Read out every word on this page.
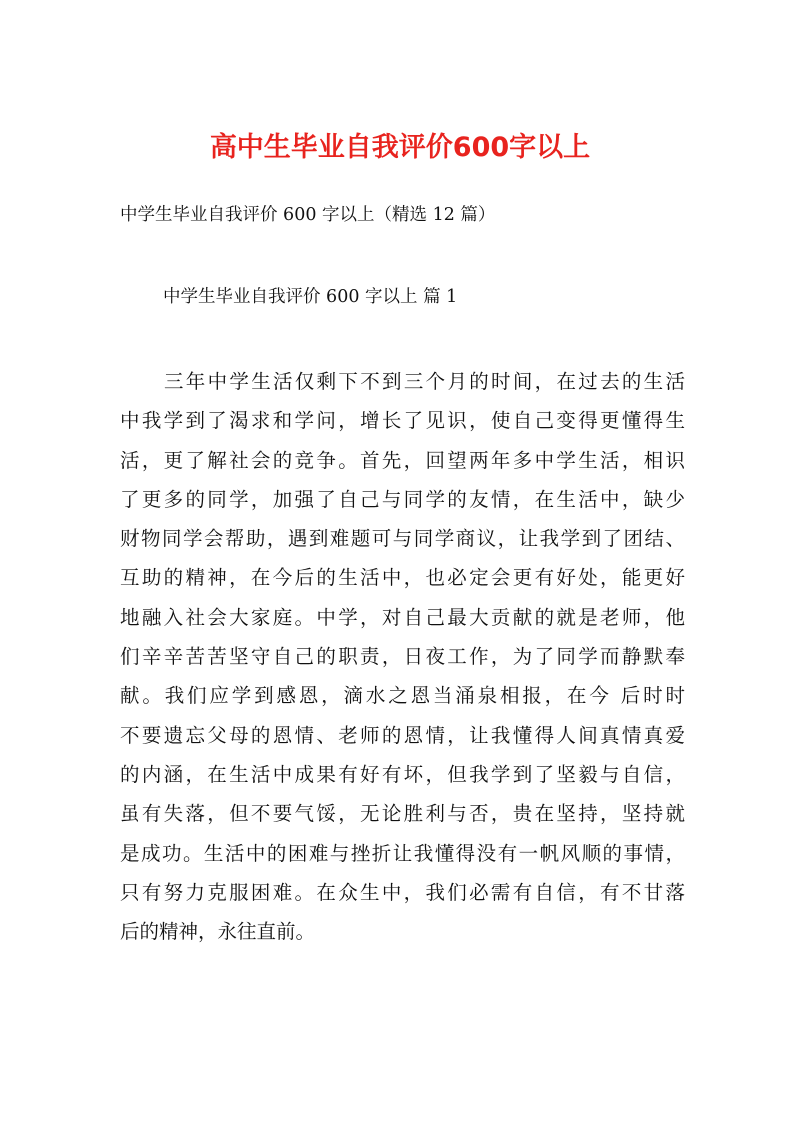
高中生毕业自我评价600字以上

中学生毕业自我评价 600 字以上（精选 12 篇）

中学生毕业自我评价 600 字以上 篇 1

三年中学生活仅剩下不到三个月的时间，在过去的生活
中我学到了渴求和学问，增长了见识，使自己变得更懂得生
活，更了解社会的竞争。首先，回望两年多中学生活，相识
了更多的同学，加强了自己与同学的友情，在生活中，缺少
财物同学会帮助，遇到难题可与同学商议，让我学到了团结、
互助的精神，在今后的生活中，也必定会更有好处，能更好
地融入社会大家庭。中学，对自己最大贡献的就是老师，他
们辛辛苦苦坚守自己的职责，日夜工作，为了同学而静默奉
献。我们应学到感恩，滴水之恩当涌泉相报，在今 后时时
不要遗忘父母的恩情、老师的恩情，让我懂得人间真情真爱
的内涵，在生活中成果有好有坏，但我学到了坚毅与自信，
虽有失落，但不要气馁，无论胜利与否，贵在坚持，坚持就
是成功。生活中的困难与挫折让我懂得没有一帆风顺的事情，
只有努力克服困难。在众生中，我们必需有自信，有不甘落
后的精神，永往直前。
